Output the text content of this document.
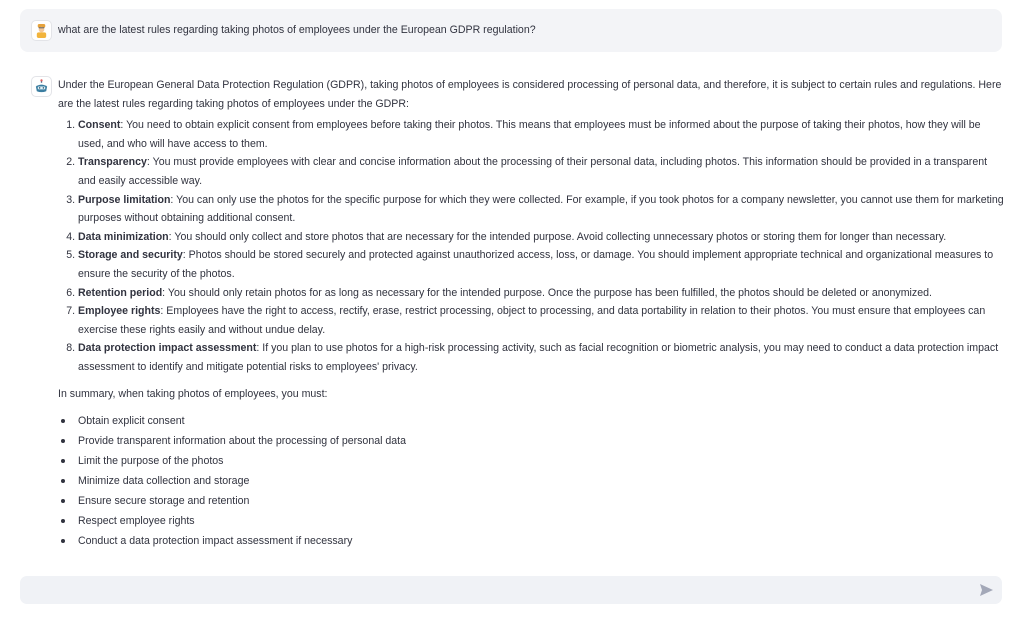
what are the latest rules regarding taking photos of employees under the European GDPR regulation?

Under the European General Data Protection Regulation (GDPR), taking photos of employees is considered processing of personal data, and therefore, it is subject to certain rules and regulations. Here are the latest rules regarding taking photos of employees under the GDPR:

1. Consent: You need to obtain explicit consent from employees before taking their photos. This means that employees must be informed about the purpose of taking their photos, how they will be used, and who will have access to them.
2. Transparency: You must provide employees with clear and concise information about the processing of their personal data, including photos. This information should be provided in a transparent and easily accessible way.
3. Purpose limitation: You can only use the photos for the specific purpose for which they were collected. For example, if you took photos for a company newsletter, you cannot use them for marketing purposes without obtaining additional consent.
4. Data minimization: You should only collect and store photos that are necessary for the intended purpose. Avoid collecting unnecessary photos or storing them for longer than necessary.
5. Storage and security: Photos should be stored securely and protected against unauthorized access, loss, or damage. You should implement appropriate technical and organizational measures to ensure the security of the photos.
6. Retention period: You should only retain photos for as long as necessary for the intended purpose. Once the purpose has been fulfilled, the photos should be deleted or anonymized.
7. Employee rights: Employees have the right to access, rectify, erase, restrict processing, object to processing, and data portability in relation to their photos. You must ensure that employees can exercise these rights easily and without undue delay.
8. Data protection impact assessment: If you plan to use photos for a high-risk processing activity, such as facial recognition or biometric analysis, you may need to conduct a data protection impact assessment to identify and mitigate potential risks to employees' privacy.

In summary, when taking photos of employees, you must:

Obtain explicit consent
Provide transparent information about the processing of personal data
Limit the purpose of the photos
Minimize data collection and storage
Ensure secure storage and retention
Respect employee rights
Conduct a data protection impact assessment if necessary
